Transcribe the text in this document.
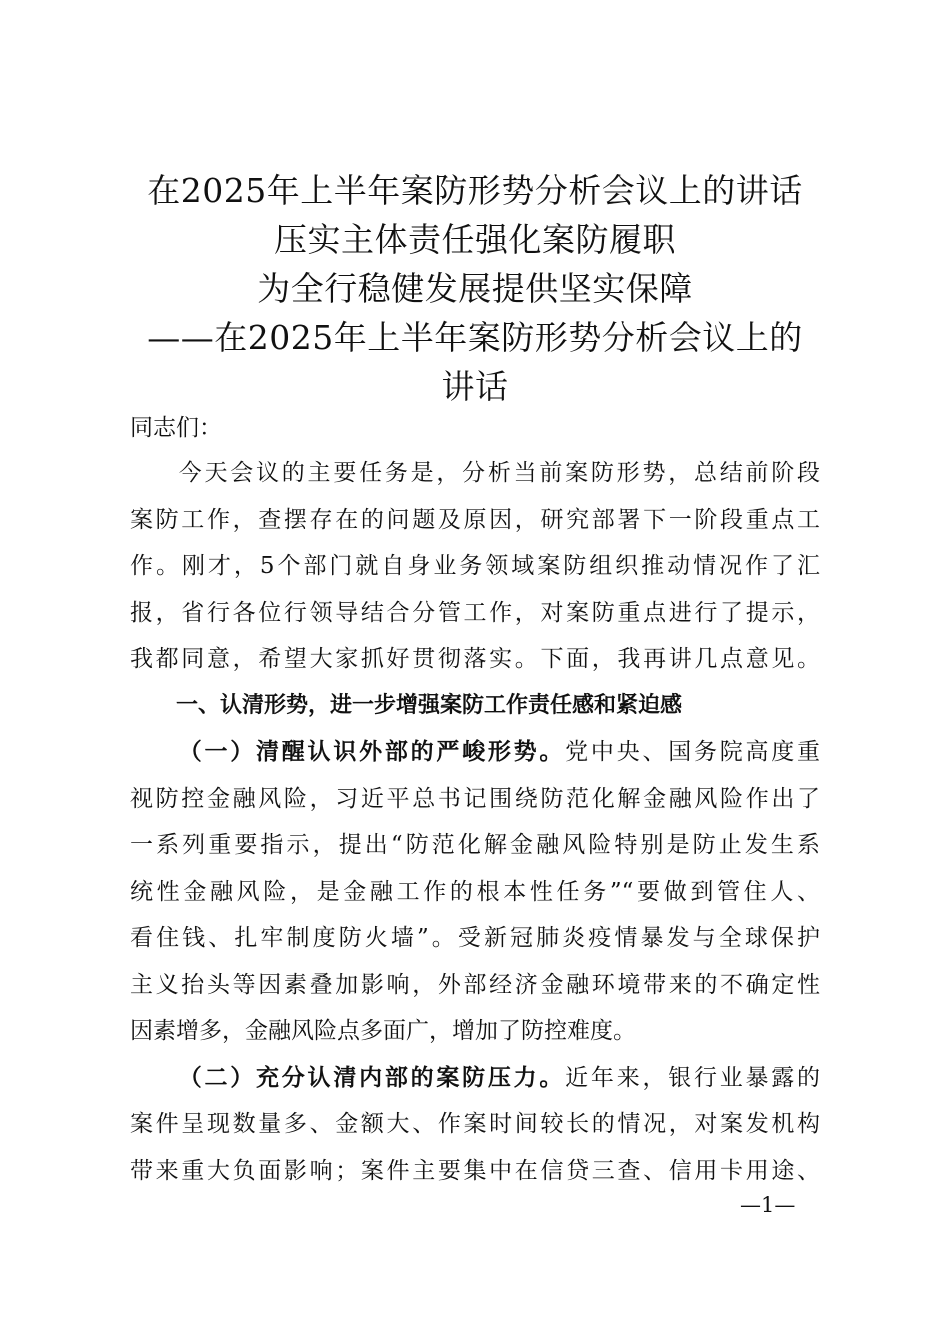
在2025年上半年案防形势分析会议上的讲话
压实主体责任强化案防履职
为全行稳健发展提供坚实保障
——在2025年上半年案防形势分析会议上的
讲话
同志们：
今天会议的主要任务是，分析当前案防形势，总结前阶段
案防工作，查摆存在的问题及原因，研究部署下一阶段重点工
作。刚才，5个部门就自身业务领域案防组织推动情况作了汇
报，省行各位行领导结合分管工作，对案防重点进行了提示，
我都同意，希望大家抓好贯彻落实。下面，我再讲几点意见。
一、认清形势，进一步增强案防工作责任感和紧迫感
（一）清醒认识外部的严峻形势。党中央、国务院高度重
视防控金融风险，习近平总书记围绕防范化解金融风险作出了
一系列重要指示，提出“防范化解金融风险特别是防止发生系
统性金融风险，是金融工作的根本性任务”“要做到管住人、
看住钱、扎牢制度防火墙”。受新冠肺炎疫情暴发与全球保护
主义抬头等因素叠加影响，外部经济金融环境带来的不确定性
因素增多，金融风险点多面广，增加了防控难度。
（二）充分认清内部的案防压力。近年来，银行业暴露的
案件呈现数量多、金额大、作案时间较长的情况，对案发机构
带来重大负面影响；案件主要集中在信贷三查、信用卡用途、
—1—
